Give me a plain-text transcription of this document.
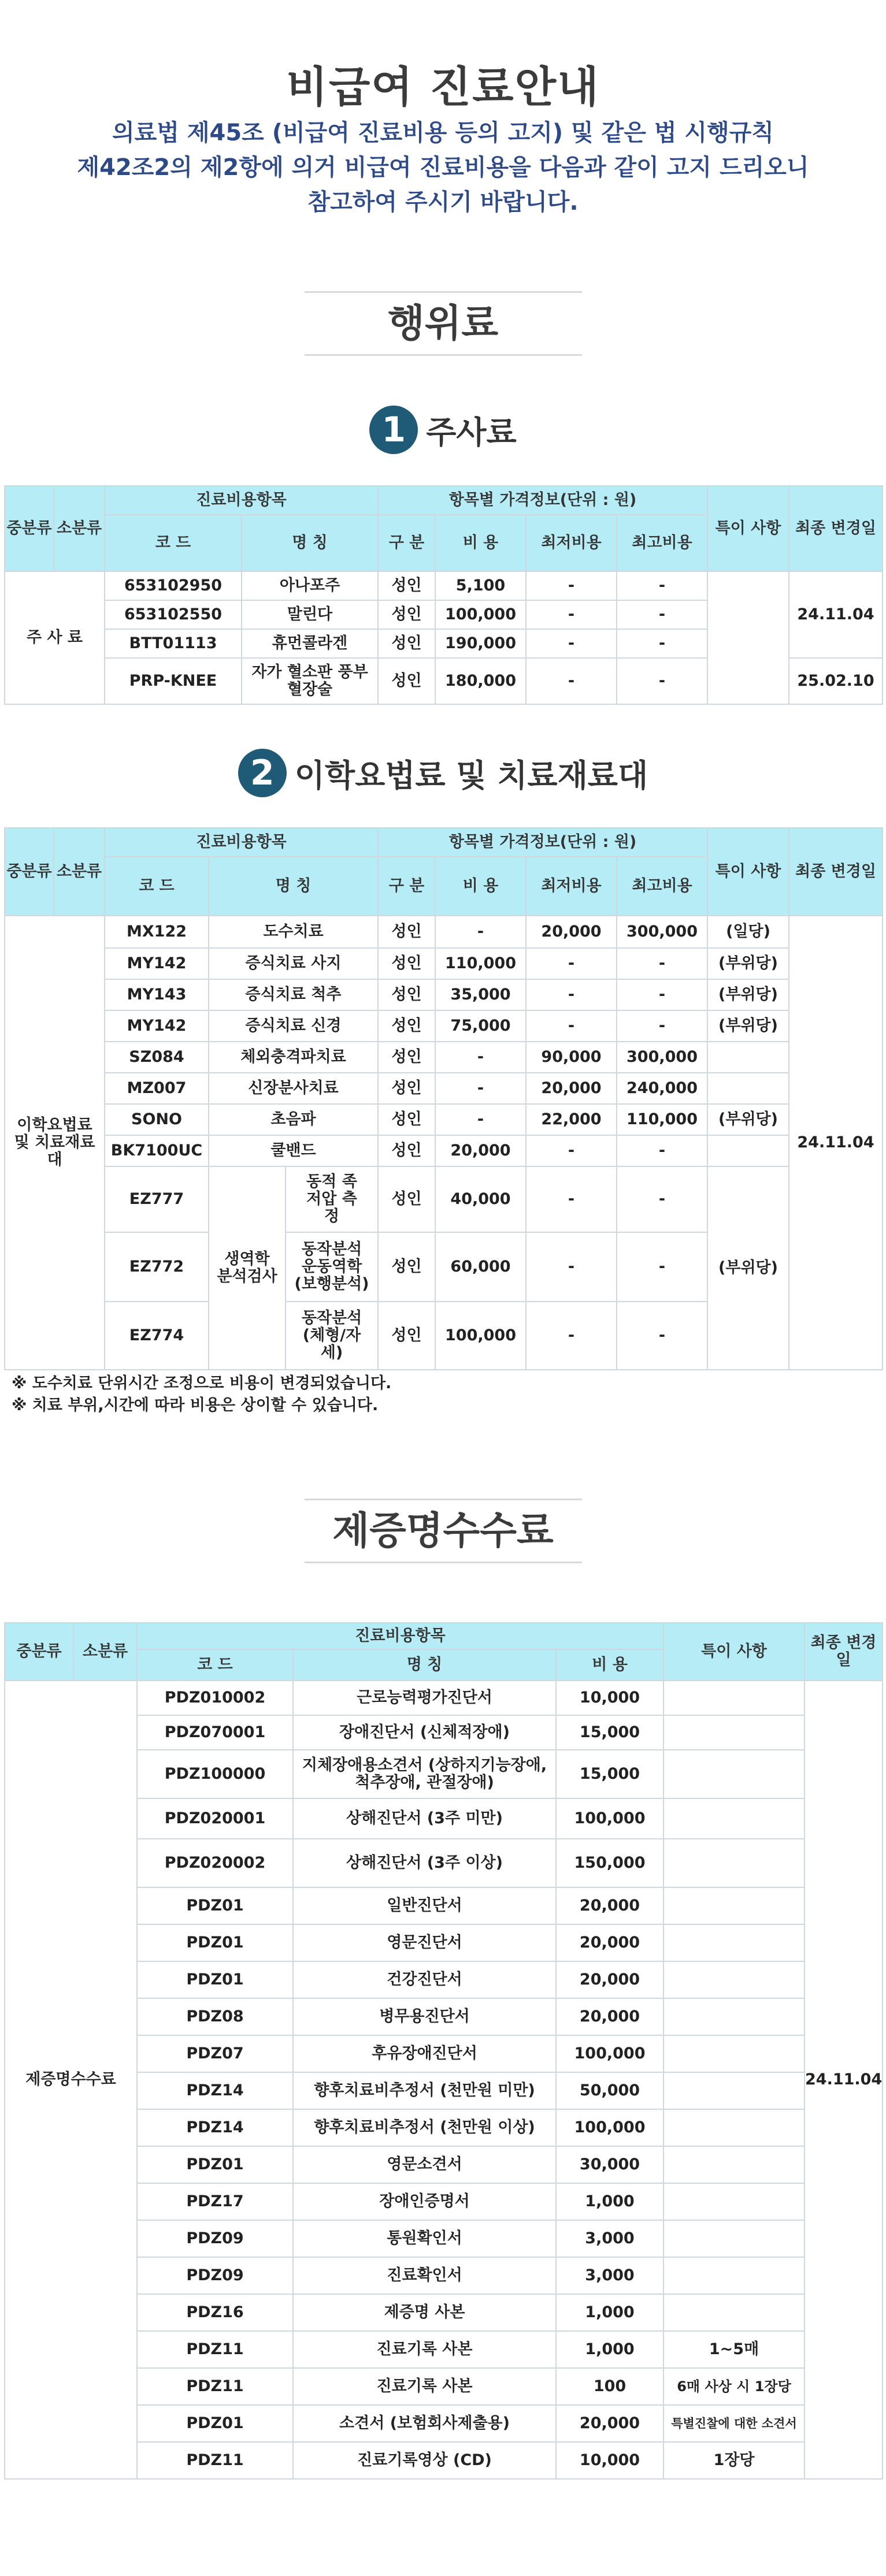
비급여 진료안내
의료법 제45조 (비급여 진료비용 등의 고지) 및 같은 법 시행규칙
제42조2의 제2항에 의거 비급여 진료비용을 다음과 같이 고지 드리오니
참고하여 주시기 바랍니다.
행위료
1 주사료
중분류	소분류	진료비용항목		항목별 가격정보(단위 : 원)				특이 사항	최종 변경일
		코 드	명 칭	구 분	비 용	최저비용	최고비용		
주 사 료		653102950	아나포주	성인	5,100	-	-		24.11.04
		653102550	말린다	성인	100,000	-	-		
		BTT01113	휴먼콜라겐	성인	190,000	-	-		
		PRP-KNEE	자가 혈소판 풍부 혈장술	성인	180,000	-	-		25.02.10
2 이학요법료 및 치료재료대
중분류	소분류	진료비용항목			항목별 가격정보(단위 : 원)				특이 사항	최종 변경일
		코 드	명 칭		구 분	비 용	최저비용	최고비용		
이학요법료 및 치료재료대		MX122	도수치료		성인	-	20,000	300,000	(일당)	24.11.04
		MY142	증식치료 사지		성인	110,000	-	-	(부위당)	
		MY143	증식치료 척추		성인	35,000	-	-	(부위당)	
		MY142	증식치료 신경		성인	75,000	-	-	(부위당)	
		SZ084	체외충격파치료		성인	-	90,000	300,000		
		MZ007	신장분사치료		성인	-	20,000	240,000		
		SONO	초음파		성인	-	22,000	110,000	(부위당)	
		BK7100UC	쿨밴드		성인	20,000	-	-		
		EZ777	생역학 분석검사	동적 족저압 측정	성인	40,000	-	-	(부위당)	
		EZ772		동작분석 운동역학 (보행분석)	성인	60,000	-	-		
		EZ774		동작분석 (체형/자세)	성인	100,000	-	-		
※ 도수치료 단위시간 조정으로 비용이 변경되었습니다.
※ 치료 부위,시간에 따라 비용은 상이할 수 있습니다.
제증명수수료
중분류	소분류	진료비용항목			특이 사항	최종 변경일
		코 드	명 칭	비 용		
제증명수수료		PDZ010002	근로능력평가진단서	10,000		24.11.04
		PDZ070001	장애진단서 (신체적장애)	15,000		
		PDZ100000	지체장애용소견서 (상하지기능장애, 척추장애, 관절장애)	15,000		
		PDZ020001	상해진단서 (3주 미만)	100,000		
		PDZ020002	상해진단서 (3주 이상)	150,000		
		PDZ01	일반진단서	20,000		
		PDZ01	영문진단서	20,000		
		PDZ01	건강진단서	20,000		
		PDZ08	병무용진단서	20,000		
		PDZ07	후유장애진단서	100,000		
		PDZ14	향후치료비추정서 (천만원 미만)	50,000		
		PDZ14	향후치료비추정서 (천만원 이상)	100,000		
		PDZ01	영문소견서	30,000		
		PDZ17	장애인증명서	1,000		
		PDZ09	통원확인서	3,000		
		PDZ09	진료확인서	3,000		
		PDZ16	제증명 사본	1,000		
		PDZ11	진료기록 사본	1,000	1~5매	
		PDZ11	진료기록 사본	100	6매 사상 시 1장당	
		PDZ01	소견서 (보험회사제출용)	20,000	특별진찰에 대한 소견서	
		PDZ11	진료기록영상 (CD)	10,000	1장당	
